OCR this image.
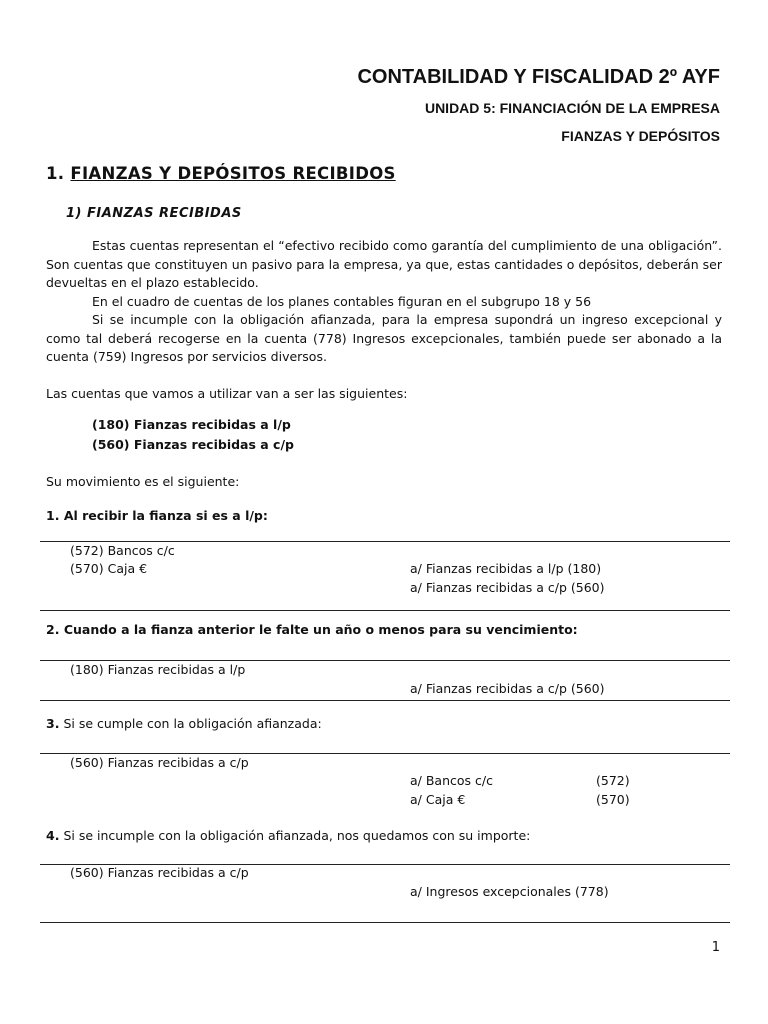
CONTABILIDAD Y FISCALIDAD 2º AYF
UNIDAD 5: FINANCIACIÓN DE LA EMPRESA
FIANZAS Y DEPÓSITOS
1. FIANZAS Y DEPÓSITOS RECIBIDOS
1) FIANZAS RECIBIDAS
Estas cuentas representan el “efectivo recibido como garantía del cumplimiento de una obligación”. Son cuentas que constituyen un pasivo para la empresa, ya que, estas cantidades o depósitos, deberán ser devueltas en el plazo establecido.
En el cuadro de cuentas de los planes contables figuran en el subgrupo 18 y 56
Si se incumple con la obligación afianzada, para la empresa supondrá un ingreso excepcional y como tal deberá recogerse en la cuenta (778) Ingresos excepcionales, también puede ser abonado a la cuenta (759) Ingresos por servicios diversos.
Las cuentas que vamos a utilizar van a ser las siguientes:
(180) Fianzas recibidas a l/p
(560) Fianzas recibidas a c/p
Su movimiento es el siguiente:
1. Al recibir la fianza si es a l/p:
(572) Bancos c/c
(570) Caja €	a/ Fianzas recibidas a l/p (180)
a/ Fianzas recibidas a c/p (560)
2. Cuando a la fianza anterior le falte un año o menos para su vencimiento:
(180) Fianzas recibidas a l/p
a/ Fianzas recibidas a c/p (560)
3. Si se cumple con la obligación afianzada:
(560) Fianzas recibidas a c/p
a/ Bancos c/c	(572)
a/ Caja €	(570)
4. Si se incumple con la obligación afianzada, nos quedamos con su importe:
(560) Fianzas recibidas a c/p
a/ Ingresos excepcionales (778)
1
